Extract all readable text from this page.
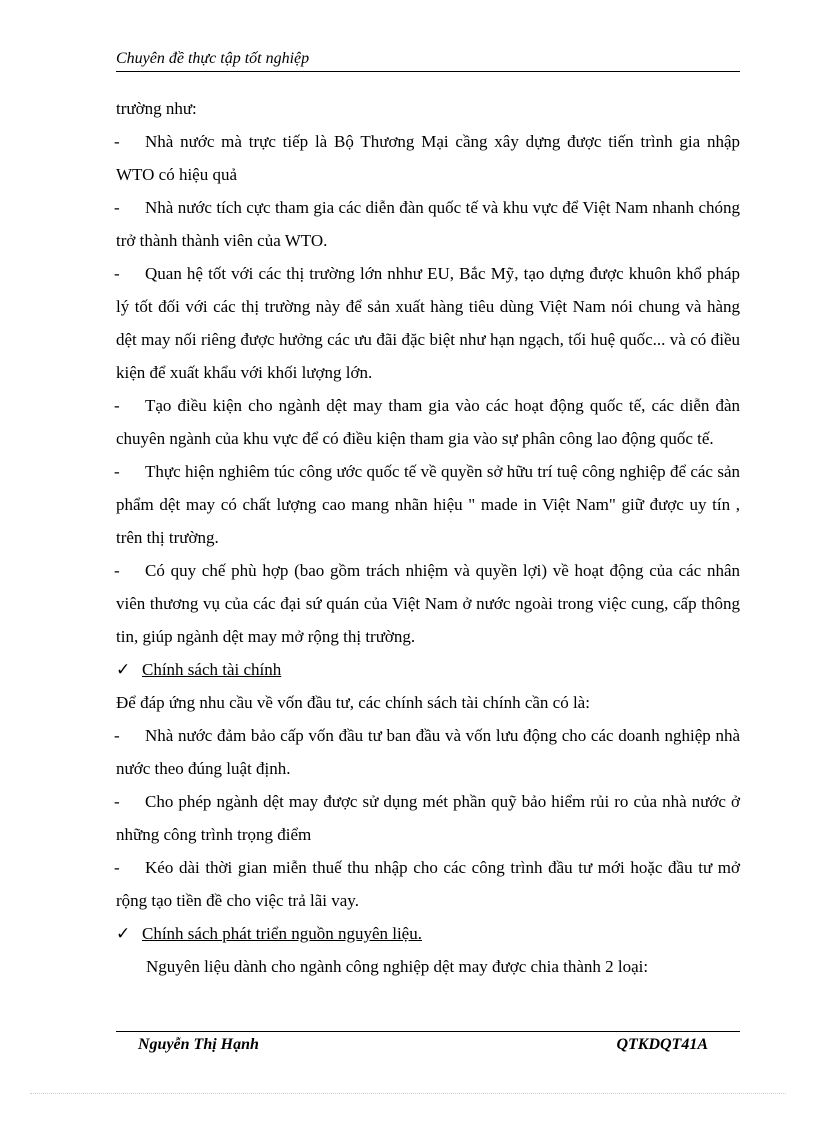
Chuyên đề thực tập tốt nghiệp

trường như:

- Nhà nước mà trực tiếp là Bộ Thương Mại cầng xây dựng được tiến trình gia nhập WTO có hiệu quả

- Nhà nước tích cực tham gia các diễn đàn quốc tế và khu vực để Việt Nam nhanh chóng trở thành thành viên của WTO.

- Quan hệ tốt với các thị trường lớn nhhư EU, Bắc Mỹ, tạo dựng được khuôn khổ pháp lý tốt đối với các thị trường này để sản xuất hàng tiêu dùng Việt Nam nói chung và hàng dệt may nối riêng được hưởng các ưu đãi đặc biệt như hạn ngạch, tối huệ quốc... và có điều kiện để xuất khẩu với khối lượng lớn.

- Tạo điều kiện cho ngành dệt may tham gia vào các hoạt động quốc tế, các diễn đàn chuyên ngành của khu vực để có điều kiện tham gia vào sự phân công lao động quốc tế.

- Thực hiện nghiêm túc công ước quốc tế về quyền sở hữu trí tuệ công nghiệp để các sản phẩm dệt may có chất lượng cao mang nhãn hiệu " made in Việt Nam" giữ được uy tín , trên thị trường.

- Có quy chế phù hợp (bao gồm trách nhiệm và quyền lợi) về hoạt động của các nhân viên thương vụ của các đại sứ quán của Việt Nam ở nước ngoài trong việc cung, cấp thông tin, giúp ngành dệt may mở rộng thị trường.

✓ Chính sách tài chính

Để đáp ứng nhu cầu về vốn đầu tư, các chính sách tài chính cần có là:

- Nhà nước đảm bảo cấp vốn đầu tư ban đầu và vốn lưu động cho các doanh nghiệp nhà nước theo đúng luật định.

- Cho phép ngành dệt may được sử dụng mét phần quỹ bảo hiểm rủi ro của nhà nước ở những công trình trọng điểm

- Kéo dài thời gian miễn thuế thu nhập cho các công trình đầu tư mới hoặc đầu tư mở rộng tạo tiền đề cho việc trả lãi vay.

✓ Chính sách phát triển nguồn nguyên liệu.

Nguyên liệu dành cho ngành công nghiệp dệt may được chia thành 2 loại:

Nguyễn Thị Hạnh	QTKDQT41A
